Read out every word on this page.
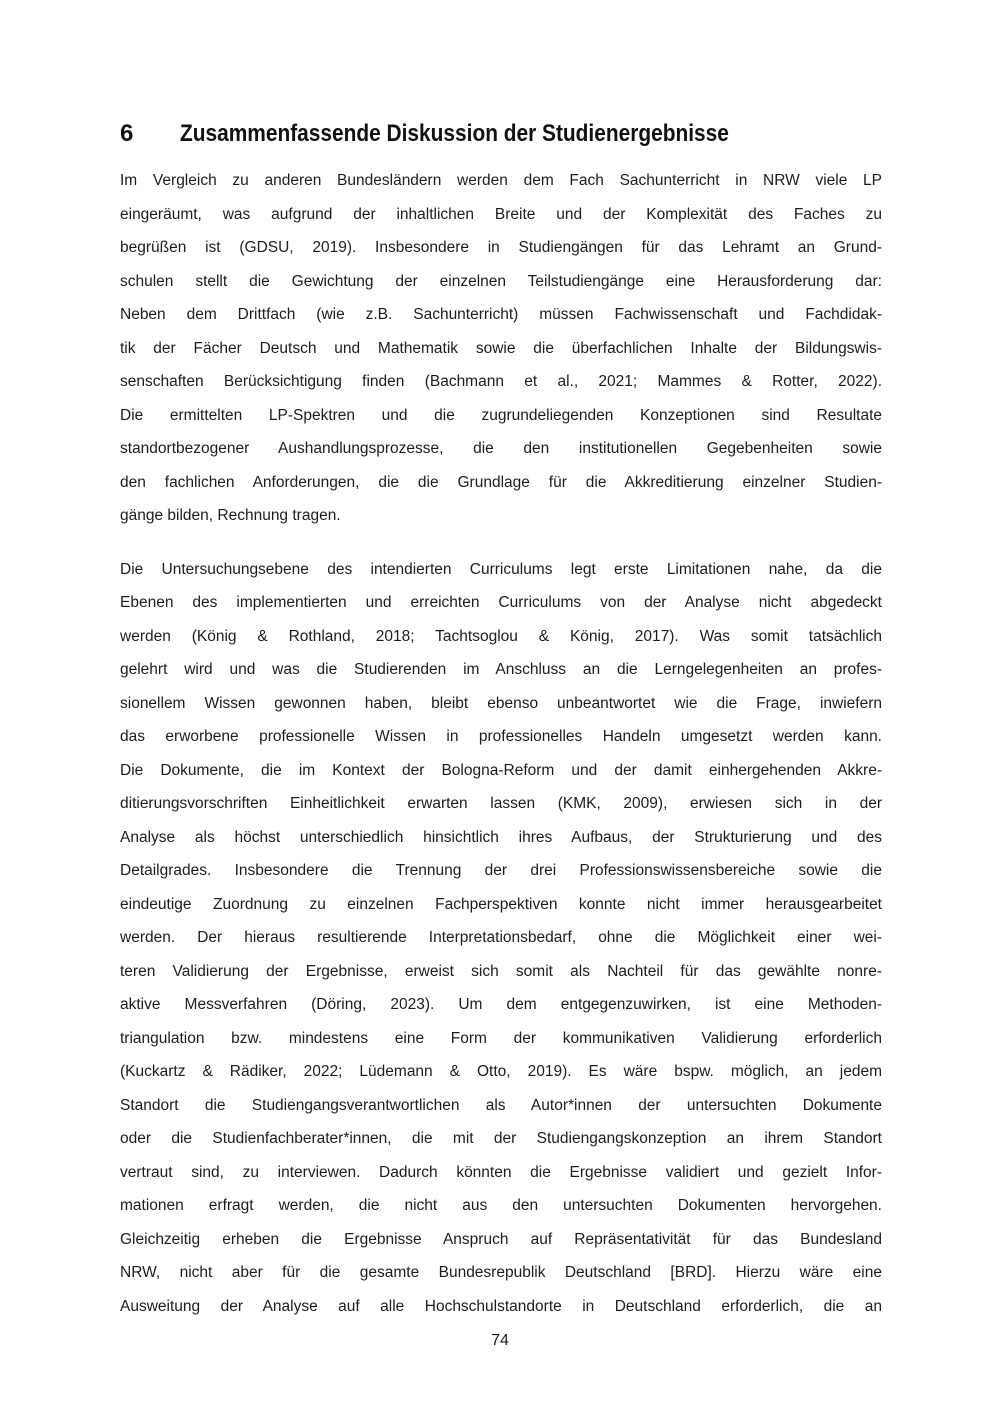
6	Zusammenfassende Diskussion der Studienergebnisse
Im Vergleich zu anderen Bundesländern werden dem Fach Sachunterricht in NRW viele LP
eingeräumt, was aufgrund der inhaltlichen Breite und der Komplexität des Faches zu
begrüßen ist (GDSU, 2019). Insbesondere in Studiengängen für das Lehramt an Grund-
schulen stellt die Gewichtung der einzelnen Teilstudiengänge eine Herausforderung dar:
Neben dem Drittfach (wie z.B. Sachunterricht) müssen Fachwissenschaft und Fachdidak-
tik der Fächer Deutsch und Mathematik sowie die überfachlichen Inhalte der Bildungswis-
senschaften Berücksichtigung finden (Bachmann et al., 2021; Mammes & Rotter, 2022).
Die ermittelten LP-Spektren und die zugrundeliegenden Konzeptionen sind Resultate
standortbezogener Aushandlungsprozesse, die den institutionellen Gegebenheiten sowie
den fachlichen Anforderungen, die die Grundlage für die Akkreditierung einzelner Studien-
gänge bilden, Rechnung tragen.
Die Untersuchungsebene des intendierten Curriculums legt erste Limitationen nahe, da die
Ebenen des implementierten und erreichten Curriculums von der Analyse nicht abgedeckt
werden (König & Rothland, 2018; Tachtsoglou & König, 2017). Was somit tatsächlich
gelehrt wird und was die Studierenden im Anschluss an die Lerngelegenheiten an profes-
sionellem Wissen gewonnen haben, bleibt ebenso unbeantwortet wie die Frage, inwiefern
das erworbene professionelle Wissen in professionelles Handeln umgesetzt werden kann.
Die Dokumente, die im Kontext der Bologna-Reform und der damit einhergehenden Akkre-
ditierungsvorschriften Einheitlichkeit erwarten lassen (KMK, 2009), erwiesen sich in der
Analyse als höchst unterschiedlich hinsichtlich ihres Aufbaus, der Strukturierung und des
Detailgrades. Insbesondere die Trennung der drei Professionswissensbereiche sowie die
eindeutige Zuordnung zu einzelnen Fachperspektiven konnte nicht immer herausgearbeitet
werden. Der hieraus resultierende Interpretationsbedarf, ohne die Möglichkeit einer wei-
teren Validierung der Ergebnisse, erweist sich somit als Nachteil für das gewählte nonre-
aktive Messverfahren (Döring, 2023). Um dem entgegenzuwirken, ist eine Methoden-
triangulation bzw. mindestens eine Form der kommunikativen Validierung erforderlich
(Kuckartz & Rädiker, 2022; Lüdemann & Otto, 2019). Es wäre bspw. möglich, an jedem
Standort die Studiengangsverantwortlichen als Autor*innen der untersuchten Dokumente
oder die Studienfachberater*innen, die mit der Studiengangskonzeption an ihrem Standort
vertraut sind, zu interviewen. Dadurch könnten die Ergebnisse validiert und gezielt Infor-
mationen erfragt werden, die nicht aus den untersuchten Dokumenten hervorgehen.
Gleichzeitig erheben die Ergebnisse Anspruch auf Repräsentativität für das Bundesland
NRW, nicht aber für die gesamte Bundesrepublik Deutschland [BRD]. Hierzu wäre eine
Ausweitung der Analyse auf alle Hochschulstandorte in Deutschland erforderlich, die an
74
